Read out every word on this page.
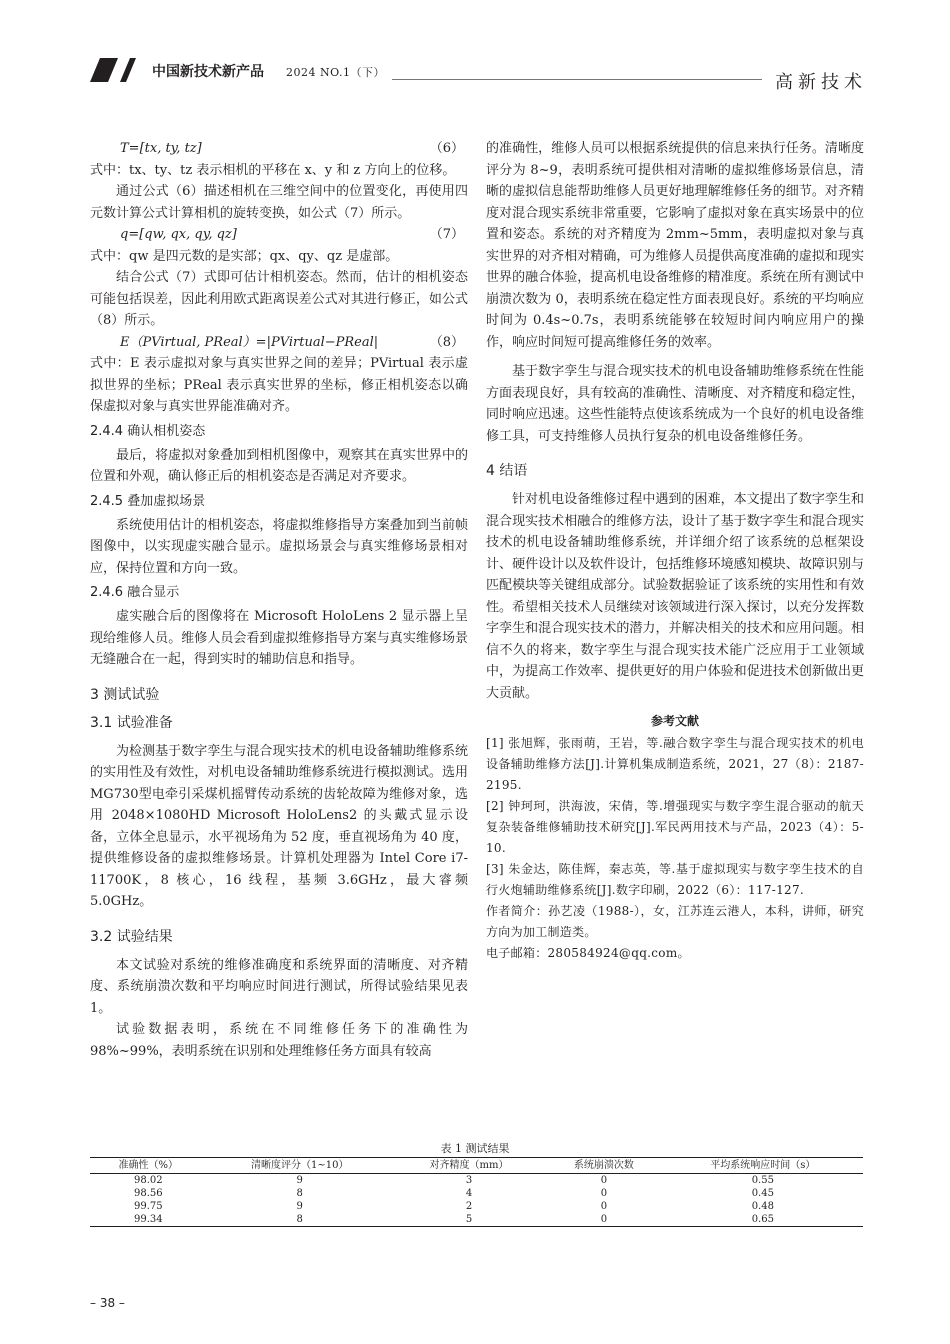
中国新技术新产品 2024 NO.1（下）	高新技术
T=[tx, ty, tz]	（6）

式中：tx、ty、tz 表示相机的平移在 x、y 和 z 方向上的位移。

通过公式（6）描述相机在三维空间中的位置变化，再使用四元数计算公式计算相机的旋转变换，如公式（7）所示。

q=[qw, qx, qy, qz]	（7）

式中：qw 是四元数的是实部；qx、qy、qz 是虚部。

结合公式（7）式即可估计相机姿态。然而，估计的相机姿态可能包括误差，因此利用欧式距离误差公式对其进行修正，如公式（8）所示。

E（PVirtual, PReal）=|PVirtual−PReal|	（8）

式中：E 表示虚拟对象与真实世界之间的差异；PVirtual 表示虚拟世界的坐标；PReal 表示真实世界的坐标，修正相机姿态以确保虚拟对象与真实世界能准确对齐。

2.4.4 确认相机姿态

最后，将虚拟对象叠加到相机图像中，观察其在真实世界中的位置和外观，确认修正后的相机姿态是否满足对齐要求。

2.4.5 叠加虚拟场景

系统使用估计的相机姿态，将虚拟维修指导方案叠加到当前帧图像中，以实现虚实融合显示。虚拟场景会与真实维修场景相对应，保持位置和方向一致。

2.4.6 融合显示

虚实融合后的图像将在 Microsoft HoloLens 2 显示器上呈现给维修人员。维修人员会看到虚拟维修指导方案与真实维修场景无缝融合在一起，得到实时的辅助信息和指导。

3 测试试验
3.1 试验准备

为检测基于数字孪生与混合现实技术的机电设备辅助维修系统的实用性及有效性，对机电设备辅助维修系统进行模拟测试。选用MG730型电牵引采煤机摇臂传动系统的齿轮故障为维修对象，选用 2048×1080HD Microsoft HoloLens2 的头戴式显示设备，立体全息显示，水平视场角为 52 度，垂直视场角为 40 度，提供维修设备的虚拟维修场景。计算机处理器为 Intel Core i7-11700K，8 核心，16 线程，基频 3.6GHz，最大睿频 5.0GHz。

3.2 试验结果

本文试验对系统的维修准确度和系统界面的清晰度、对齐精度、系统崩溃次数和平均响应时间进行测试，所得试验结果见表 1。

试验数据表明，系统在不同维修任务下的准确性为 98%~99%，表明系统在识别和处理维修任务方面具有较高

的准确性，维修人员可以根据系统提供的信息来执行任务。清晰度评分为 8~9，表明系统可提供相对清晰的虚拟维修场景信息，清晰的虚拟信息能帮助维修人员更好地理解维修任务的细节。对齐精度对混合现实系统非常重要，它影响了虚拟对象在真实场景中的位置和姿态。系统的对齐精度为 2mm~5mm，表明虚拟对象与真实世界的对齐相对精确，可为维修人员提供高度准确的虚拟和现实世界的融合体验，提高机电设备维修的精准度。系统在所有测试中崩溃次数为 0，表明系统在稳定性方面表现良好。系统的平均响应时间为 0.4s~0.7s，表明系统能够在较短时间内响应用户的操作，响应时间短可提高维修任务的效率。

基于数字孪生与混合现实技术的机电设备辅助维修系统在性能方面表现良好，具有较高的准确性、清晰度、对齐精度和稳定性，同时响应迅速。这些性能特点使该系统成为一个良好的机电设备维修工具，可支持维修人员执行复杂的机电设备维修任务。

4 结语

针对机电设备维修过程中遇到的困难，本文提出了数字孪生和混合现实技术相融合的维修方法，设计了基于数字孪生和混合现实技术的机电设备辅助维修系统，并详细介绍了该系统的总框架设计、硬件设计以及软件设计，包括维修环境感知模块、故障识别与匹配模块等关键组成部分。试验数据验证了该系统的实用性和有效性。希望相关技术人员继续对该领域进行深入探讨，以充分发挥数字孪生和混合现实技术的潜力，并解决相关的技术和应用问题。相信不久的将来，数字孪生与混合现实技术能广泛应用于工业领域中，为提高工作效率、提供更好的用户体验和促进技术创新做出更大贡献。

参考文献

[1] 张旭辉，张雨萌，王岩，等.融合数字孪生与混合现实技术的机电设备辅助维修方法[J].计算机集成制造系统，2021，27（8）：2187-2195.

[2] 钟珂珂，洪海波，宋倩，等.增强现实与数字孪生混合驱动的航天复杂装备维修辅助技术研究[J].军民两用技术与产品，2023（4）：5-10.

[3] 朱金达，陈佳辉，秦志英，等.基于虚拟现实与数字孪生技术的自行火炮辅助维修系统[J].数字印刷，2022（6）：117-127.

作者简介：孙艺凌（1988-），女，江苏连云港人，本科，讲师，研究方向为加工制造类。

电子邮箱：280584924@qq.com。

表 1 测试结果
准确性（%）	清晰度评分（1~10）	对齐精度（mm）	系统崩溃次数	平均系统响应时间（s）
98.02	9	3	0	0.55
98.56	8	4	0	0.45
99.75	9	2	0	0.48
99.34	8	5	0	0.65
– 38 –
